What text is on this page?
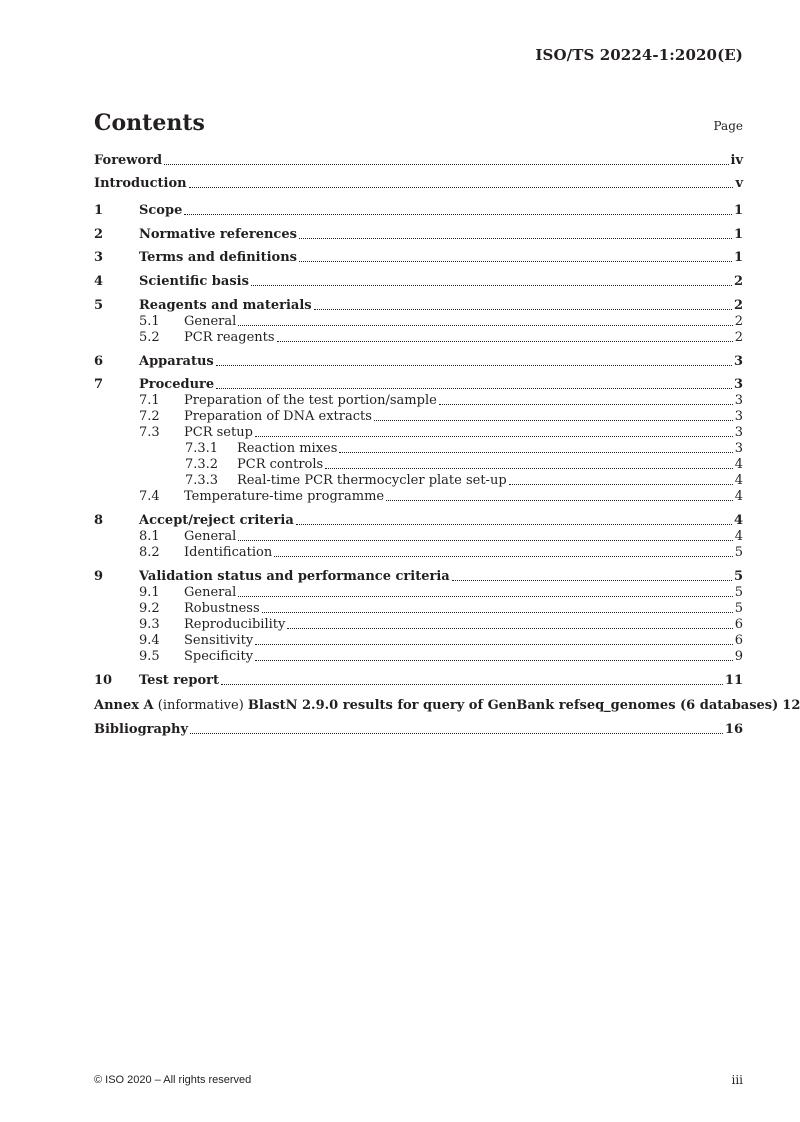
ISO/TS 20224-1:2020(E)
Contents	Page
Foreword	iv
Introduction	v
1	Scope	1
2	Normative references	1
3	Terms and definitions	1
4	Scientific basis	2
5	Reagents and materials	2
5.1	General	2
5.2	PCR reagents	2
6	Apparatus	3
7	Procedure	3
7.1	Preparation of the test portion/sample	3
7.2	Preparation of DNA extracts	3
7.3	PCR setup	3
7.3.1	Reaction mixes	3
7.3.2	PCR controls	4
7.3.3	Real-time PCR thermocycler plate set-up	4
7.4	Temperature-time programme	4
8	Accept/reject criteria	4
8.1	General	4
8.2	Identification	5
9	Validation status and performance criteria	5
9.1	General	5
9.2	Robustness	5
9.3	Reproducibility	6
9.4	Sensitivity	6
9.5	Specificity	9
10	Test report	11
Annex A (informative) BlastN 2.9.0 results for query of GenBank refseq_genomes (6 databases) 12
Bibliography	16
© ISO 2020 – All rights reserved	iii
